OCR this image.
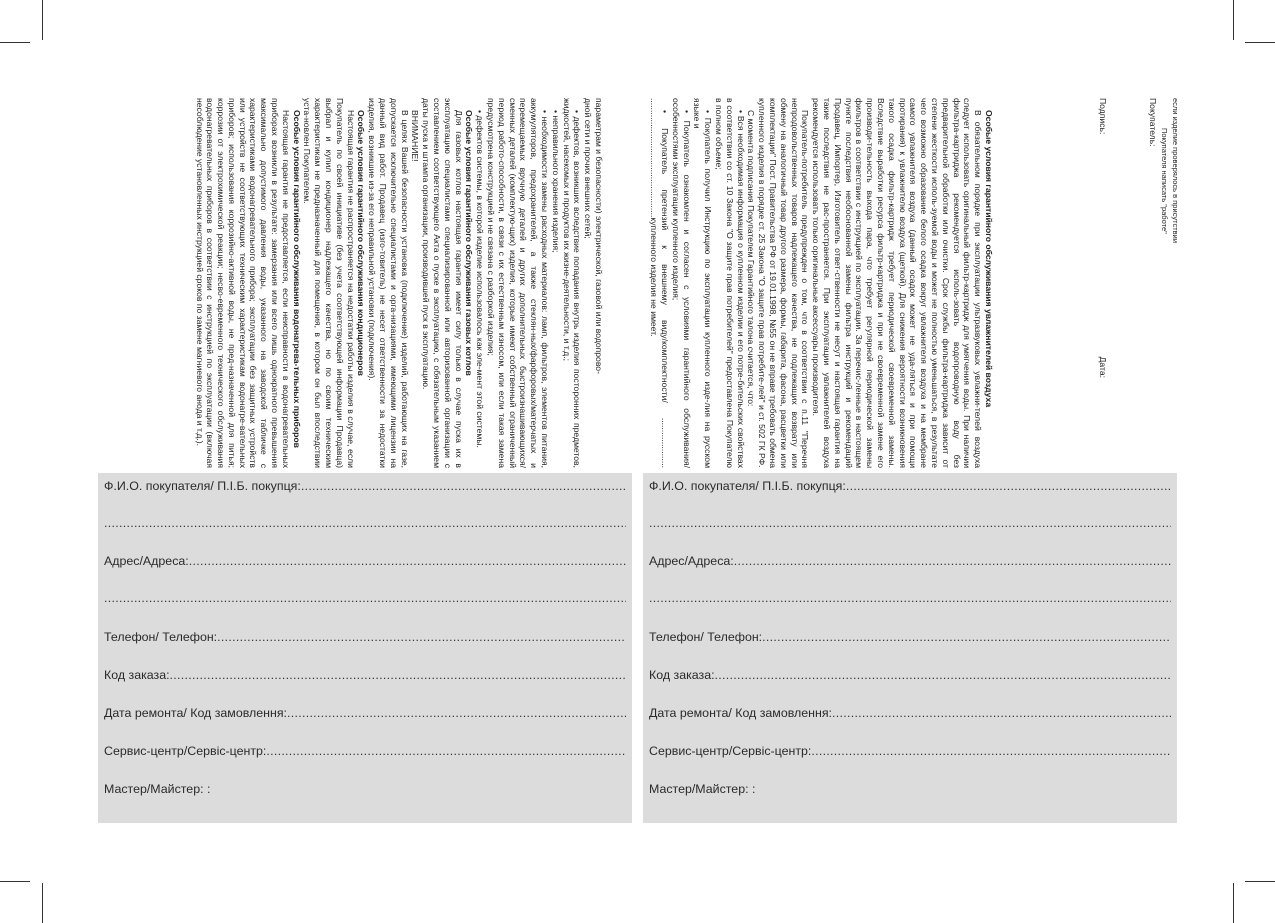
параметрам и безопасности) электрической, газовой или водопрово-

дной сети и прочих внешних сетей;

• дефектов, возникших вследствие попадания внутрь изделия посторонних предметов, жидкостей, насекомых и продуктов их жизне-деятельности, и т.д.;

• неправильного хранения изделия;

• необходимости замены расходных материалов: ламп, фильтров, элементов питания, аккумуляторов, предохранителей, а также стеклян-ных/фарфоровых/матерчатых и перемещаемых вручную деталей и других дополнительных быстроизнашивающихся/сменных деталей (комплектую-щих) изделия, которые имеют собственный ограниченный период работо-способности, в связи с их естественным износом, или если такая замена предусмотрена конструкцией и не связана с разборкой изделия;

• дефектов системы, в которой изделие использовалось как эле-мент этой системы.

Особые условия гарантийного обслуживания газовых котлов

Для газовых котлов настоящая гарантия имеет силу только в случае пуска их в эксплуатацию специалистами специализированной или авторизованной организации с составлением соответствующего Акта о пуске в эксплуатацию, с обязательным указанием даты пуска и штампа организации, производившей пуск в эксплуатацию.

ВНИМАНИЕ!

В целях Вашей безопасности установка (подключение) изделий, работающих на газе, допускается исключительно специалистами и орга-низациями, имеющими лицензии на данный вид работ. Продавец (изго-товитель) не несет ответственности за недостатки изделия, возникшие из-за его неправильной установки (подключения).

Особые условия гарантийного обслуживания кондиционеров

Настоящая гарантия не распространяется на недостатки работы изделия в случае, если Покупатель по своей инициативе (без учета соответствующей информации Продавца) выбрал и купил кондиционер надлежащего качества, но по своим техническим характеристикам не предназначенный для помещения, в котором он был впоследствии уста-новлен Покупателем.

Особые условия гарантийного обслуживания водонагрева-тельных приборов

Настоящая гарантия не предоставляется, если неисправности в водонагревательных приборах возникли в результате: замерзания или всего лишь однократного превышения максимально допустимого давления воды, указанного на заводской табличке с характеристиками водонагревательного прибора; эксплуатации без защитных устройств или устройств не соответствующих техническим характеристикам водонагре-вательных приборов; использования коррозийно-активной воды, не пред-назначенной для питья; коррозии от электрохимической реакции; несво-евременного технического обслуживания водонагревательных приборов в соответствии с инструкцией по эксплуатации (включая несоблюдение установленных инструкцией сроков по замене магниевого анода и т.д.).	Особые условия гарантийного обслуживания увлажнителей воздуха

В обязательном порядке при эксплуатации ультразвуковых увлажни-телей воздуха следует использовать оригинальный фильтр-картридж для умягчения воды. При наличии фильтра-картриджа рекомендуется исполь-зовать водопроводную воду без предварительной обработки или очистки. Срок службы фильтра-картриджа зависит от степени жесткости исполь-зуемой воды и может не полностью уменьшаться, в результате чего возможно образование белого осадка вокруг увлажнителя воздуха и на мембране самого увлажнителя воздуха (данный осадок может не уда-ляться и при помощи протирания) к увлажнителю воздуха (щеткой). Для снижения вероятности возникновения такого осадка фильтр-картридж требует периодической своевременной замены. Вследствие выработки ресурса фильтр-картриджа и при не своевременной замене его производи-тельность выхода пара, что требует регулярной периодической замены фильтров в соответствии с инструкцией по эксплуатации. За перечис-ленные в настоящем пункте последствия необоснованной замены фильтра инструкций и рекомендаций Продавец, Импортер, Изготовитель ответ-ственности не несут и настоящая гарантия на такие последствия не рас-пространяется. При эксплуатации увлажнителей воздуха рекомендуется использовать только оригинальные аксессуары производителя.

Покупатель-потребитель предупрежден о том, что в соответствии с п.11 "Перечня непродовольственных товаров надлежащего качества, не подлежащих возврату или обмену на аналогичный товар другого размера, формы, габарита, фасона, расцветки или комплектации" Пост. Правительства РФ от 19.01.1998, №55 он не вправе требовать обмена купленного изделия в порядке ст. 25 Закона "О защите прав потребите-лей" и ст. 502 ГК РФ.

С момента подписания Покупателем Гарантийного талона считается, что:

• Вся необходимая информация о купленном изделии и его потре-бительских свойствах в соответствии со ст. 10 Закона "О защите прав потребителей" предоставлена Покупателю в полном объеме;

• Покупатель получил Инструкцию по эксплуатации купленного изде-лия на русском языке и

• Покупатель ознакомлен и согласен с условиями гарантийного обслуживания/особенностями эксплуатации купленного изделия;

• Покупатель претензий к внешнему виду/комплектности/ ..................... ..................................................купленного изделия не имеет.	если изделие проверялось в присутствии

Покупателя написать "работе"

Покупатель:

Подпись:
Дата:
Ф.И.О. покупателя/ П.І.Б. покупця:
.....
.....
Адрес/Адреса:
.....
.....
Телефон/ Телефон:
.....
Код заказа:
.....
Дата ремонта/ Код замовлення:
.....
Сервис-центр/Сервіс-центр:
.....
Мастер/Майстер: :
Ф.И.О. покупателя/ П.І.Б. покупця:
.....
.....
Адрес/Адреса:
.....
.....
Телефон/ Телефон:
.....
Код заказа:
.....
Дата ремонта/ Код замовлення:
.....
Сервис-центр/Сервіс-центр:
.....
Мастер/Майстер: :
